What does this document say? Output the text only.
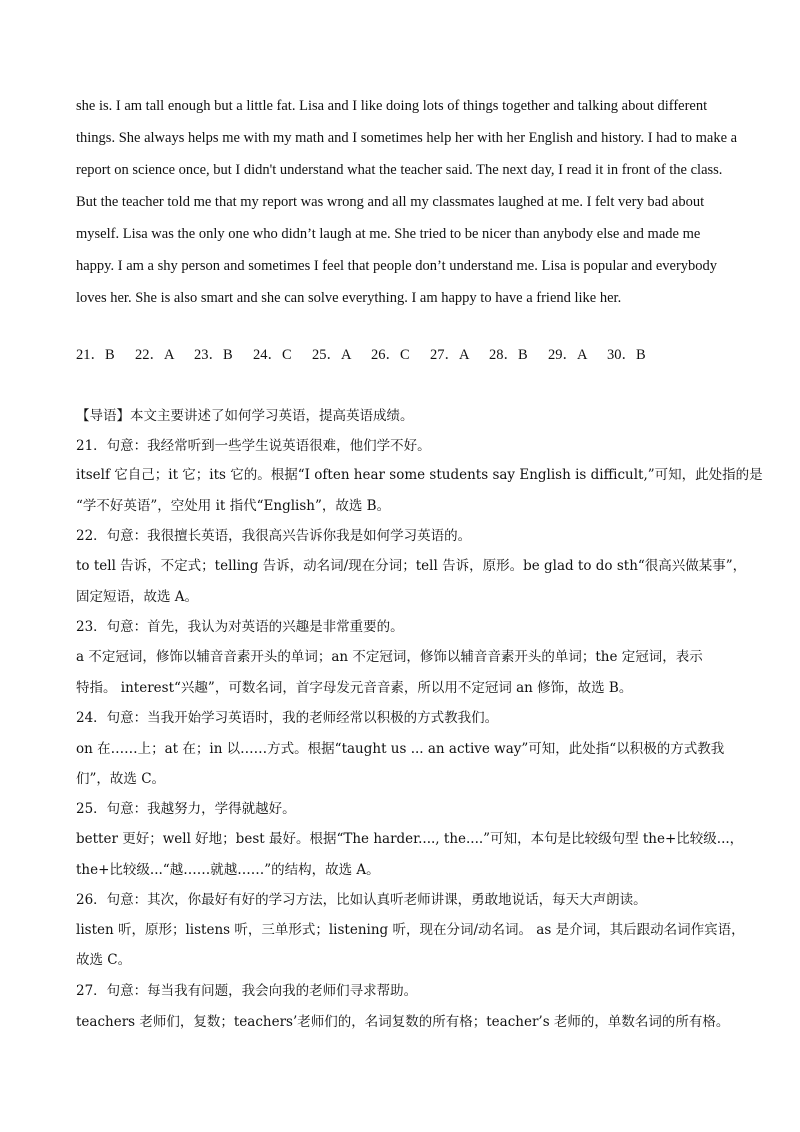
she is. I am tall enough but a little fat. Lisa and I like doing lots of things together and talking about different
things. She always helps me with my math and I sometimes help her with her English and history. I had to make a
report on science once, but I didn't understand what the teacher said. The next day, I read it in front of the class.
But the teacher told me that my report was wrong and all my classmates laughed at me. I felt very bad about
myself. Lisa was the only one who didn’t laugh at me. She tried to be nicer than anybody else and made me
happy. I am a shy person and sometimes I feel that people don’t understand me. Lisa is popular and everybody
loves her. She is also smart and she can solve everything. I am happy to have a friend like her.
21．B 22．A 23．B 24．C 25．A 26．C 27．A 28．B 29．A 30．B
【导语】本文主要讲述了如何学习英语，提高英语成绩。
21．句意：我经常听到一些学生说英语很难，他们学不好。
itself 它自己；it 它；its 它的。根据“I often hear some students say English is difficult,”可知，此处指的是
“学不好英语”，空处用 it 指代“English”，故选 B。
22．句意：我很擅长英语，我很高兴告诉你我是如何学习英语的。
to tell 告诉，不定式；telling 告诉，动名词/现在分词；tell 告诉，原形。be glad to do sth“很高兴做某事”，
固定短语，故选 A。
23．句意：首先，我认为对英语的兴趣是非常重要的。
a 不定冠词，修饰以辅音音素开头的单词；an 不定冠词，修饰以辅音音素开头的单词；the 定冠词，表示
特指。 interest“兴趣”，可数名词，首字母发元音音素，所以用不定冠词 an 修饰，故选 B。
24．句意：当我开始学习英语时，我的老师经常以积极的方式教我们。
on 在……上；at 在；in 以……方式。根据“taught us ... an active way”可知，此处指“以积极的方式教我
们”，故选 C。
25．句意：我越努力，学得就越好。
better 更好；well 好地；best 最好。根据“The harder...., the....”可知，本句是比较级句型 the+比较级...，
the+比较级...“越……就越……”的结构，故选 A。
26．句意：其次，你最好有好的学习方法，比如认真听老师讲课，勇敢地说话，每天大声朗读。
listen 听，原形；listens 听，三单形式；listening 听，现在分词/动名词。 as 是介词，其后跟动名词作宾语，
故选 C。
27．句意：每当我有问题，我会向我的老师们寻求帮助。
teachers 老师们，复数；teachers’老师们的，名词复数的所有格；teacher’s 老师的，单数名词的所有格。
